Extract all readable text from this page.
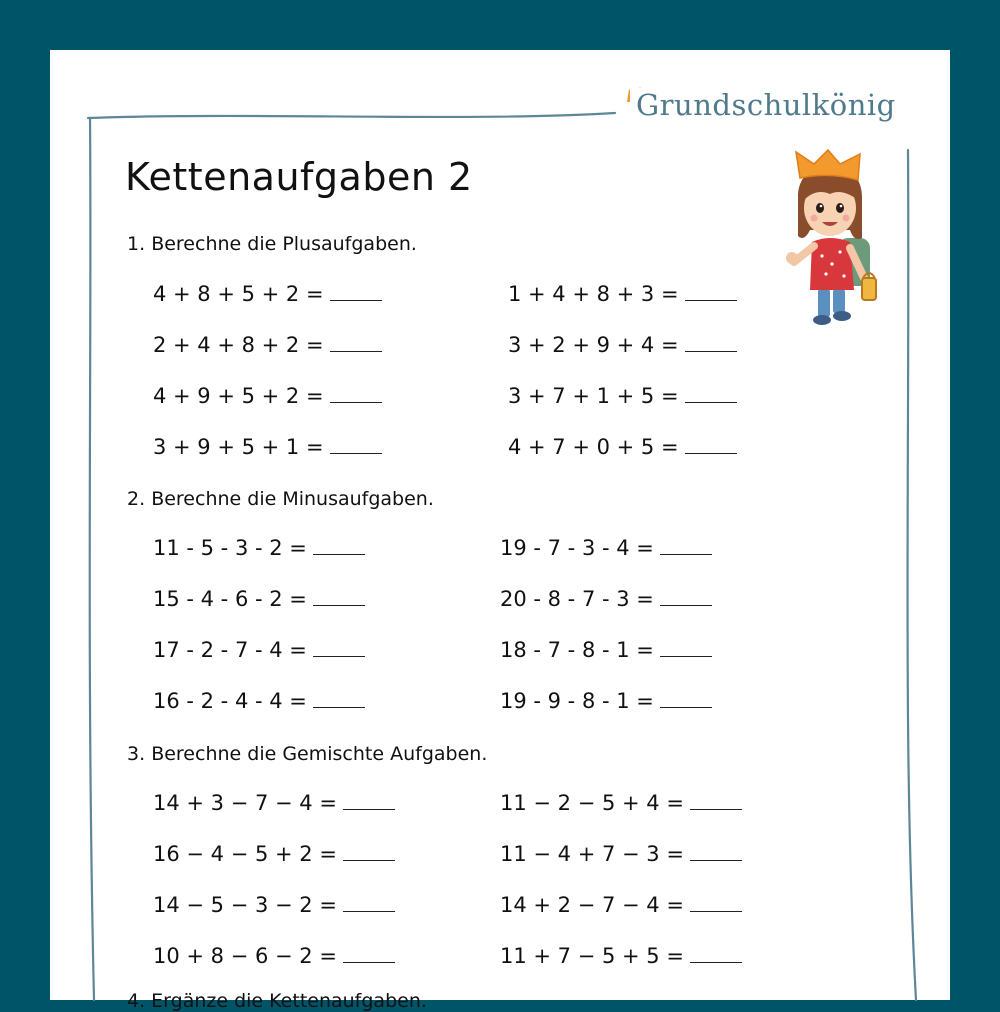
Grundschulkönig
Kettenaufgaben 2
1. Berechne die Plusaufgaben.
4 + 8 + 5 + 2 =
2 + 4 + 8 + 2 =
4 + 9 + 5 + 2 =
3 + 9 + 5 + 1 =
1 + 4 + 8 + 3 =
3 + 2 + 9 + 4 =
3 + 7 + 1 + 5 =
4 + 7 + 0 + 5 =
2. Berechne die Minusaufgaben.
11 - 5 - 3 - 2 =
15 - 4 - 6 - 2 =
17 - 2 - 7 - 4 =
16 - 2 - 4 - 4 =
19 - 7 - 3 - 4 =
20 - 8 - 7 - 3 =
18 - 7 - 8 - 1 =
19 - 9 - 8 - 1 =
3. Berechne die Gemischte Aufgaben.
14 + 3 − 7 − 4 =
16 − 4 − 5 + 2 =
14 − 5 − 3 − 2 =
10 + 8 − 6 − 2 =
11 − 2 − 5 + 4 =
11 − 4 + 7 − 3 =
14 + 2 − 7 − 4 =
11 + 7 − 5 + 5 =
4. Ergänze die Kettenaufgaben.
